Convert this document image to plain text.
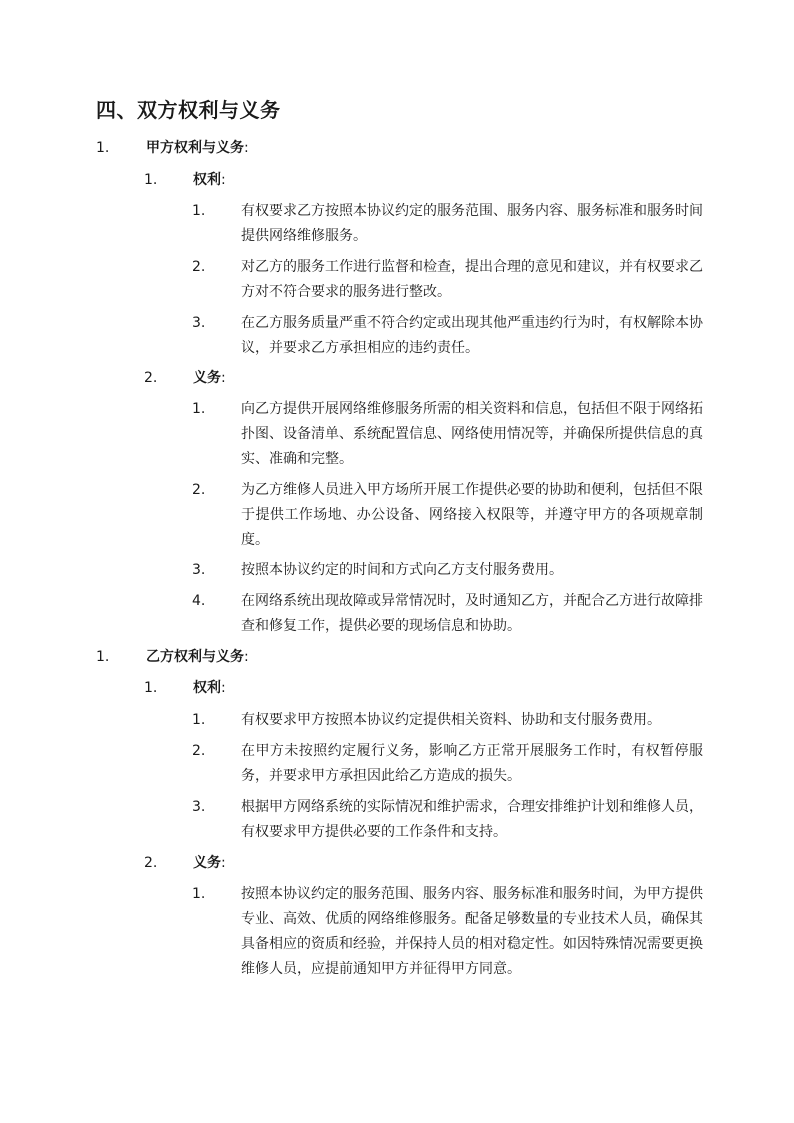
四、双方权利与义务
1.	甲方权利与义务:
1.	权利:
1.	有权要求乙方按照本协议约定的服务范围、服务内容、服务标准和服务时间提供网络维修服务。
2.	对乙方的服务工作进行监督和检查，提出合理的意见和建议，并有权要求乙方对不符合要求的服务进行整改。
3.	在乙方服务质量严重不符合约定或出现其他严重违约行为时，有权解除本协议，并要求乙方承担相应的违约责任。
2.	义务:
1.	向乙方提供开展网络维修服务所需的相关资料和信息，包括但不限于网络拓扑图、设备清单、系统配置信息、网络使用情况等，并确保所提供信息的真实、准确和完整。
2.	为乙方维修人员进入甲方场所开展工作提供必要的协助和便利，包括但不限于提供工作场地、办公设备、网络接入权限等，并遵守甲方的各项规章制度。
3.	按照本协议约定的时间和方式向乙方支付服务费用。
4.	在网络系统出现故障或异常情况时，及时通知乙方，并配合乙方进行故障排查和修复工作，提供必要的现场信息和协助。
1.	乙方权利与义务:
1.	权利:
1.	有权要求甲方按照本协议约定提供相关资料、协助和支付服务费用。
2.	在甲方未按照约定履行义务，影响乙方正常开展服务工作时，有权暂停服务，并要求甲方承担因此给乙方造成的损失。
3.	根据甲方网络系统的实际情况和维护需求，合理安排维护计划和维修人员，有权要求甲方提供必要的工作条件和支持。
2.	义务:
1.	按照本协议约定的服务范围、服务内容、服务标准和服务时间，为甲方提供专业、高效、优质的网络维修服务。配备足够数量的专业技术人员，确保其具备相应的资质和经验，并保持人员的相对稳定性。如因特殊情况需要更换维修人员，应提前通知甲方并征得甲方同意。
